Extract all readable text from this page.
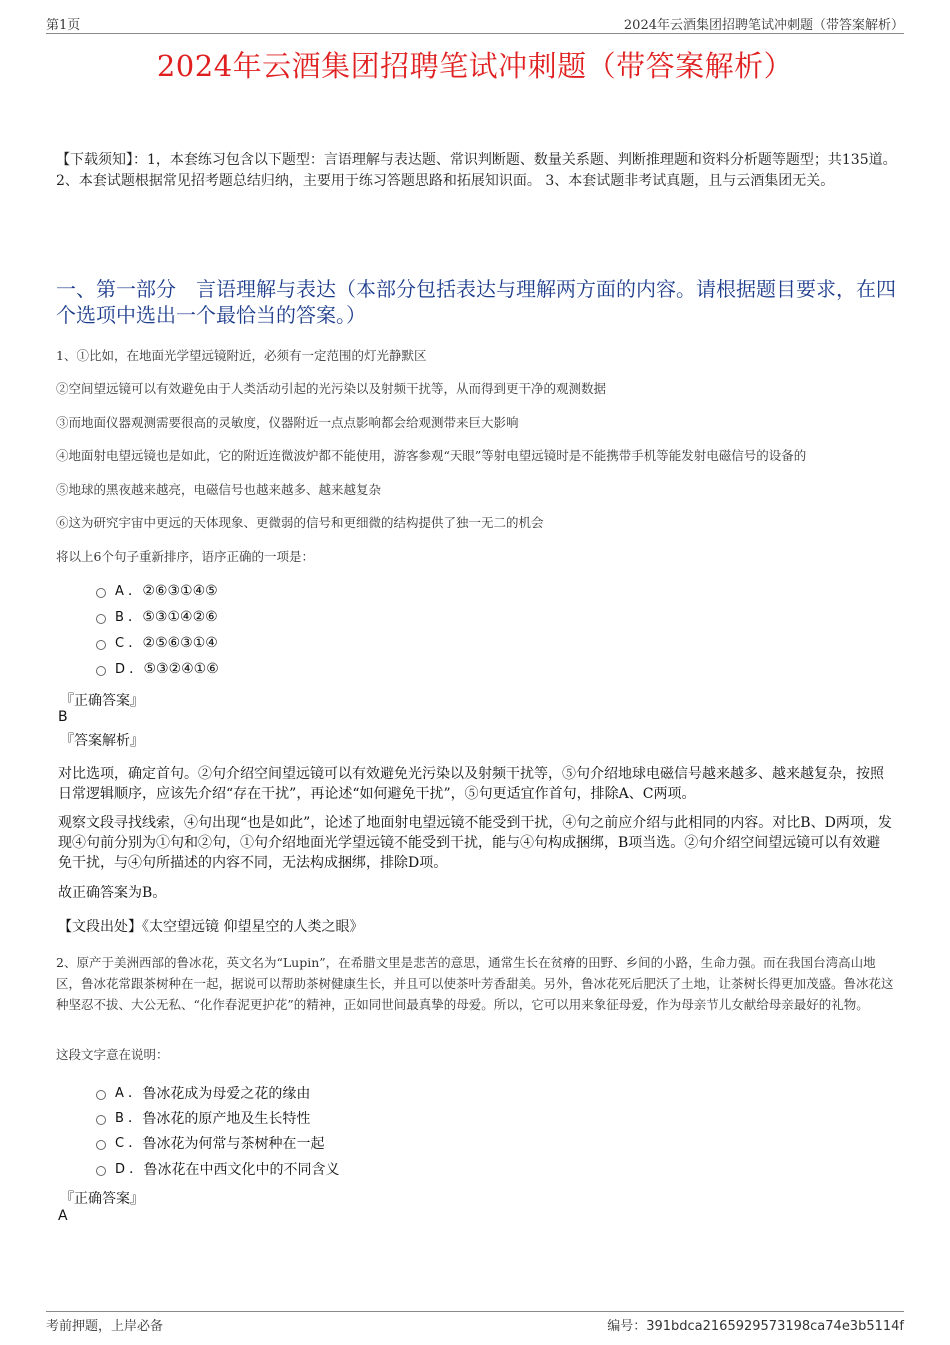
第1页	2024年云酒集团招聘笔试冲刺题（带答案解析）
2024年云酒集团招聘笔试冲刺题（带答案解析）
【下载须知】：1，本套练习包含以下题型：言语理解与表达题、常识判断题、数量关系题、判断推理题和资料分析题等题型；共135道。 2、本套试题根据常见招考题总结归纳，主要用于练习答题思路和拓展知识面。 3、本套试题非考试真题，且与云酒集团无关。
一、第一部分　言语理解与表达（本部分包括表达与理解两方面的内容。请根据题目要求，在四个选项中选出一个最恰当的答案。）
1、①比如，在地面光学望远镜附近，必须有一定范围的灯光静默区
②空间望远镜可以有效避免由于人类活动引起的光污染以及射频干扰等，从而得到更干净的观测数据
③而地面仪器观测需要很高的灵敏度，仪器附近一点点影响都会给观测带来巨大影响
④地面射电望远镜也是如此，它的附近连微波炉都不能使用，游客参观“天眼”等射电望远镜时是不能携带手机等能发射电磁信号的设备的
⑤地球的黑夜越来越亮，电磁信号也越来越多、越来越复杂
⑥这为研究宇宙中更远的天体现象、更微弱的信号和更细微的结构提供了独一无二的机会
将以上6个句子重新排序，语序正确的一项是：
A . ②⑥③①④⑤
B . ⑤③①④②⑥
C . ②⑤⑥③①④
D . ⑤③②④①⑥
『正确答案』
B
『答案解析』
对比选项，确定首句。②句介绍空间望远镜可以有效避免光污染以及射频干扰等，⑤句介绍地球电磁信号越来越多、越来越复杂，按照日常逻辑顺序，应该先介绍“存在干扰”，再论述“如何避免干扰”，⑤句更适宜作首句，排除A、C两项。
观察文段寻找线索，④句出现“也是如此”，论述了地面射电望远镜不能受到干扰，④句之前应介绍与此相同的内容。对比B、D两项，发现④句前分别为①句和②句，①句介绍地面光学望远镜不能受到干扰，能与④句构成捆绑，B项当选。②句介绍空间望远镜可以有效避免干扰，与④句所描述的内容不同，无法构成捆绑，排除D项。
故正确答案为B。
【文段出处】《太空望远镜 仰望星空的人类之眼》
2、原产于美洲西部的鲁冰花，英文名为“Lupin”，在希腊文里是悲苦的意思，通常生长在贫瘠的田野、乡间的小路，生命力强。而在我国台湾高山地区，鲁冰花常跟茶树种在一起，据说可以帮助茶树健康生长，并且可以使茶叶芳香甜美。另外，鲁冰花死后肥沃了土地，让茶树长得更加茂盛。鲁冰花这种坚忍不拔、大公无私、“化作春泥更护花”的精神，正如同世间最真挚的母爱。所以，它可以用来象征母爱，作为母亲节儿女献给母亲最好的礼物。
这段文字意在说明：
A . 鲁冰花成为母爱之花的缘由
B . 鲁冰花的原产地及生长特性
C . 鲁冰花为何常与茶树种在一起
D . 鲁冰花在中西文化中的不同含义
『正确答案』
A
考前押题，上岸必备	编号：391bdca2165929573198ca74e3b5114f
